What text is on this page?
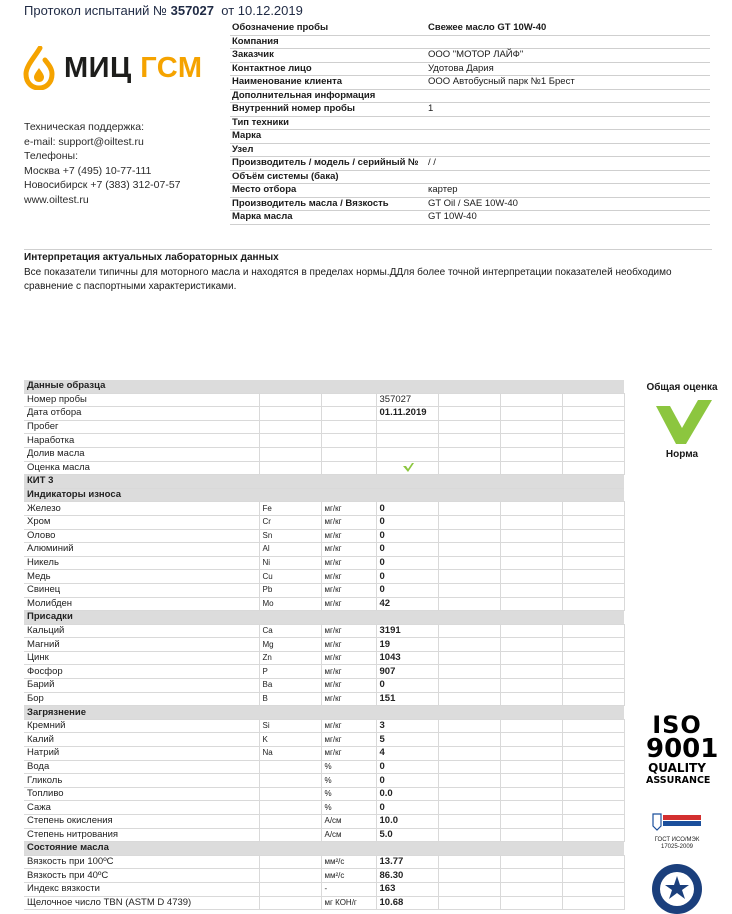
Протокол испытаний № 357027 от 10.12.2019
МИЦ ГСМ
Техническая поддержка:
e-mail: support@oiltest.ru
Телефоны:
Москва +7 (495) 10-77-111
Новосибирск +7 (383) 312-07-57
www.oiltest.ru
Обозначение пробы	Свежее масло GT 10W-40
Компания	
Заказчик	ООО "МОТОР ЛАЙФ"
Контактное лицо	Удотова Дария
Наименование клиента	ООО Автобусный парк №1 Брест
Дополнительная информация	
Внутренний номер пробы	1
Тип техники	
Марка	
Узел	
Производитель / модель / серийный №	/ /
Объём системы (бака)	
Место отбора	картер
Производитель масла / Вязкость	GT Oil / SAE 10W-40
Марка масла	GT 10W-40
Интерпретация актуальных лабораторных данных
Все показатели типичны для моторного масла и находятся в пределах нормы.ДДля более точной интерпретации показателей необходимо сравнение с паспортными характеристиками.
Данные образца						
Номер пробы			357027			
Дата отбора			01.11.2019			
Пробег						
Наработка						
Долив масла						
Оценка масла						
КИТ 3						
Индикаторы износа						
Железо	Fe	мг/кг	0			
Хром	Cr	мг/кг	0			
Олово	Sn	мг/кг	0			
Алюминий	Al	мг/кг	0			
Никель	Ni	мг/кг	0			
Медь	Cu	мг/кг	0			
Свинец	Pb	мг/кг	0			
Молибден	Mo	мг/кг	42			
Присадки						
Кальций	Ca	мг/кг	3191			
Магний	Mg	мг/кг	19			
Цинк	Zn	мг/кг	1043			
Фосфор	P	мг/кг	907			
Барий	Ba	мг/кг	0			
Бор	B	мг/кг	151			
Загрязнение						
Кремний	Si	мг/кг	3			
Калий	K	мг/кг	5			
Натрий	Na	мг/кг	4			
Вода		%	0			
Гликоль		%	0			
Топливо		%	0.0			
Сажа		%	0			
Степень окисления		А/см	10.0			
Степень нитрования		А/см	5.0			
Состояние масла						
Вязкость при 100ºС		мм²/с	13.77			
Вязкость при 40ºС		мм²/с	86.30			
Индекс вязкости		-	163			
Щелочное число TBN (ASTM D 4739)		мг КОН/г	10.68			
Общая оценка
Норма
ISO
9001
QUALITY
ASSURANCE
ГОСТ ИСО/МЭК
17025-2009
